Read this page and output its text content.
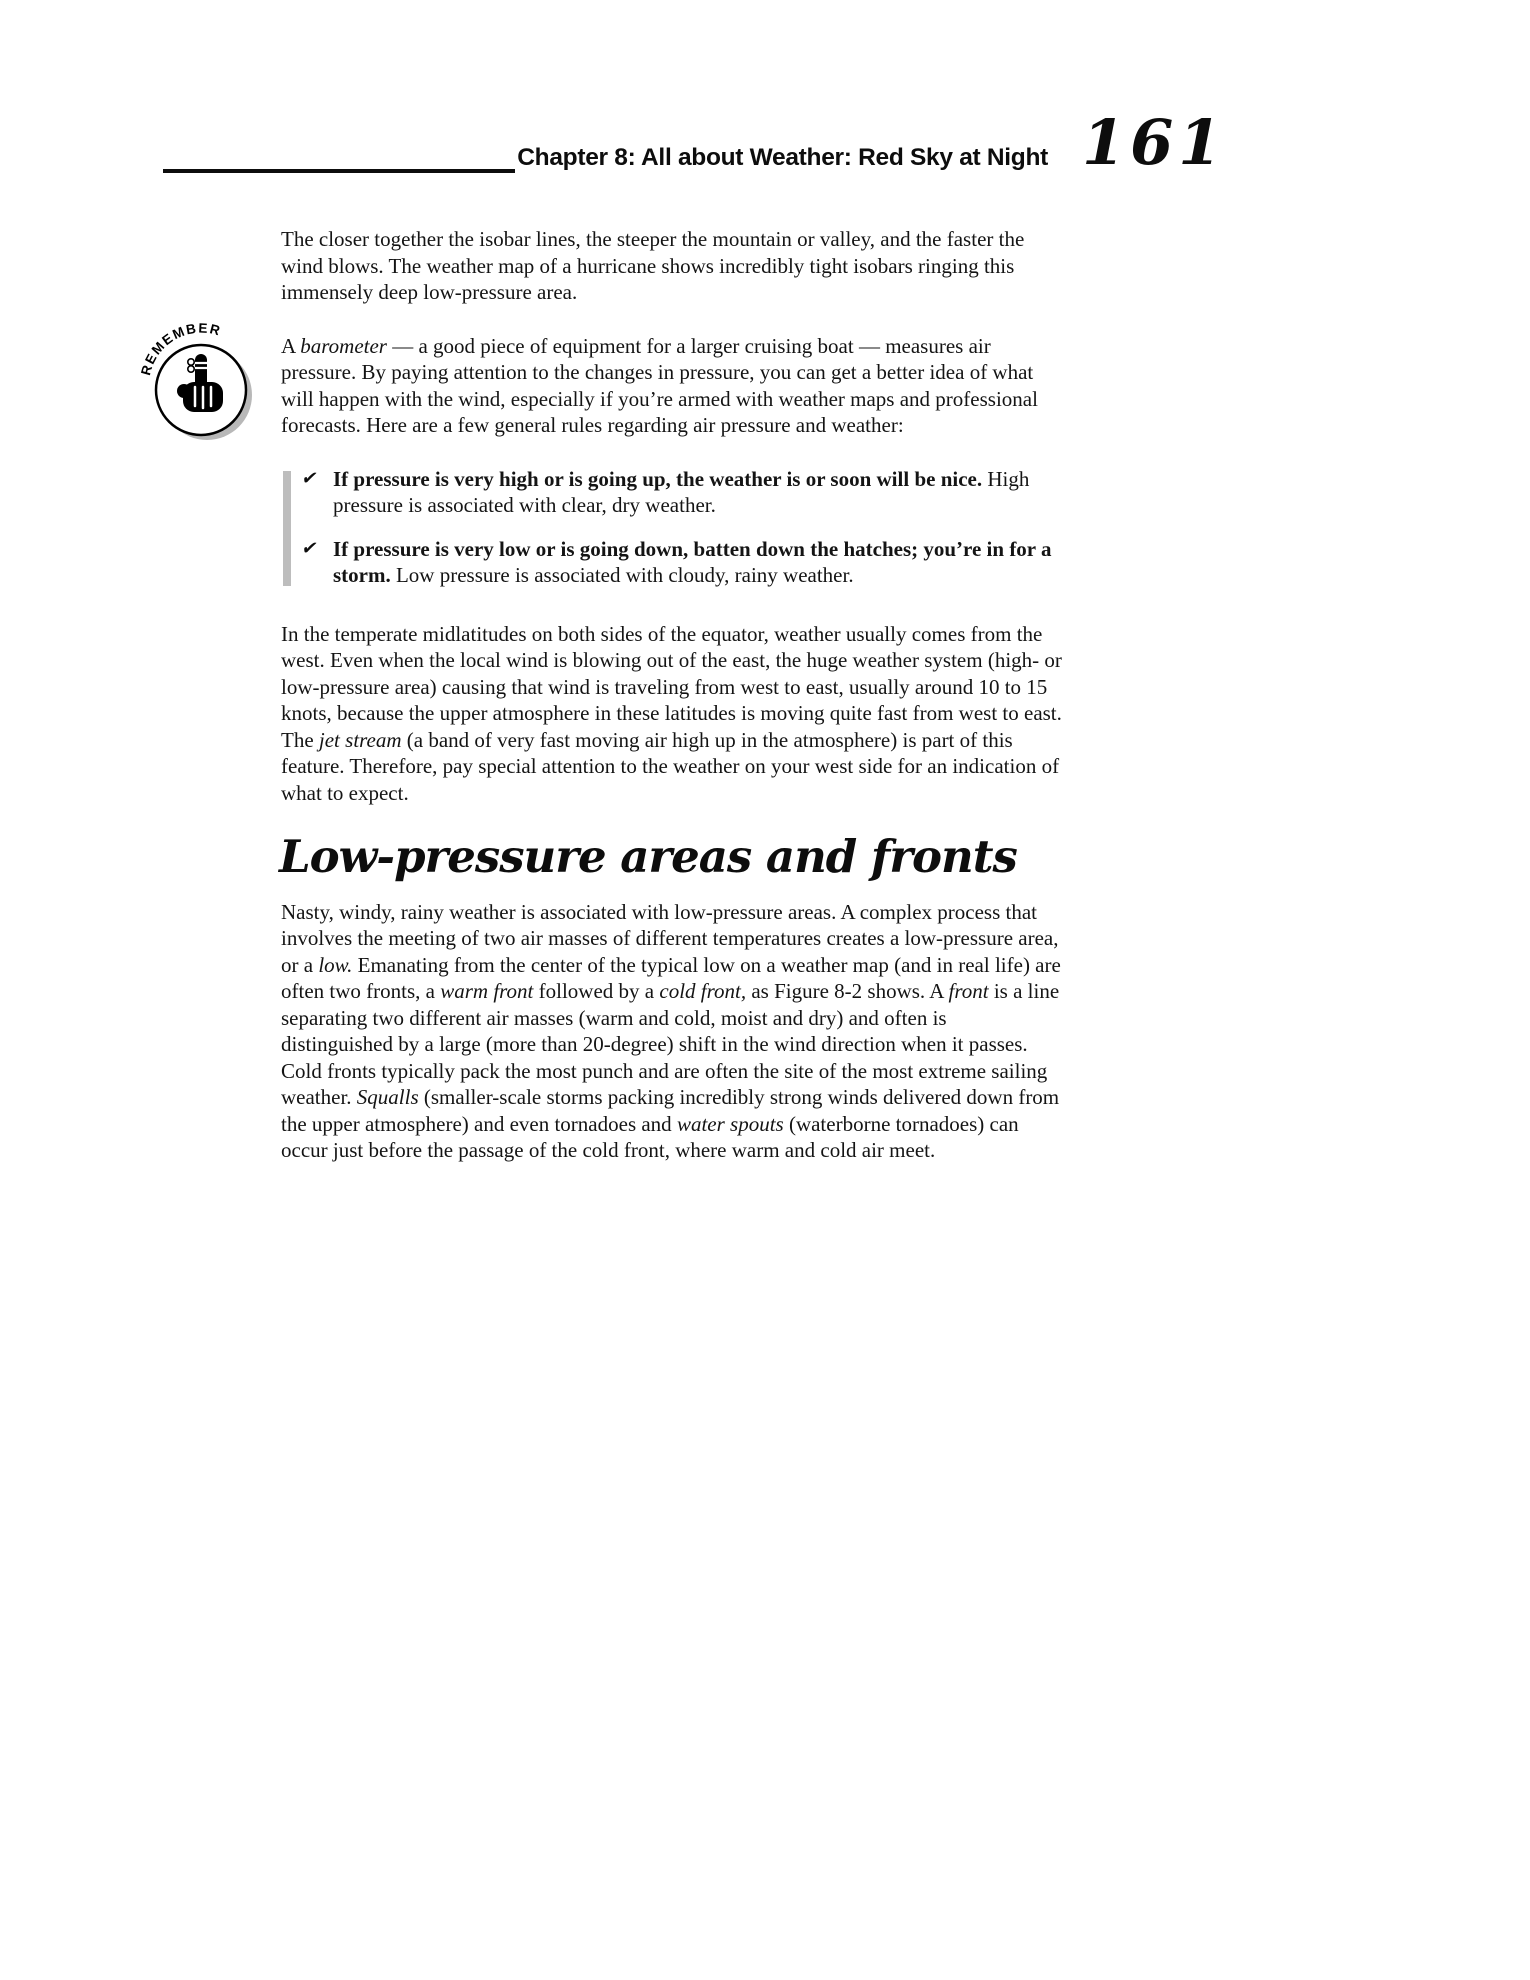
Chapter 8: All about Weather: Red Sky at Night 161
REMEMBER

The closer together the isobar lines, the steeper the mountain or valley, and the faster the wind blows. The weather map of a hurricane shows incredibly tight isobars ringing this immensely deep low-pressure area.

A barometer — a good piece of equipment for a larger cruising boat — measures air pressure. By paying attention to the changes in pressure, you can get a better idea of what will happen with the wind, especially if you’re armed with weather maps and professional forecasts. Here are a few general rules regarding air pressure and weather:

✔ If pressure is very high or is going up, the weather is or soon will be nice. High pressure is associated with clear, dry weather.

✔ If pressure is very low or is going down, batten down the hatches; you’re in for a storm. Low pressure is associated with cloudy, rainy weather.

In the temperate midlatitudes on both sides of the equator, weather usually comes from the west. Even when the local wind is blowing out of the east, the huge weather system (high- or low-pressure area) causing that wind is traveling from west to east, usually around 10 to 15 knots, because the upper atmosphere in these latitudes is moving quite fast from west to east. The jet stream (a band of very fast moving air high up in the atmosphere) is part of this feature. Therefore, pay special attention to the weather on your west side for an indication of what to expect.

Low-pressure areas and fronts

Nasty, windy, rainy weather is associated with low-pressure areas. A complex process that involves the meeting of two air masses of different temperatures creates a low-pressure area, or a low. Emanating from the center of the typical low on a weather map (and in real life) are often two fronts, a warm front followed by a cold front, as Figure 8-2 shows. A front is a line separating two different air masses (warm and cold, moist and dry) and often is distinguished by a large (more than 20-degree) shift in the wind direction when it passes. Cold fronts typically pack the most punch and are often the site of the most extreme sailing weather. Squalls (smaller-scale storms packing incredibly strong winds delivered down from the upper atmosphere) and even tornadoes and water spouts (waterborne tornadoes) can occur just before the passage of the cold front, where warm and cold air meet.
